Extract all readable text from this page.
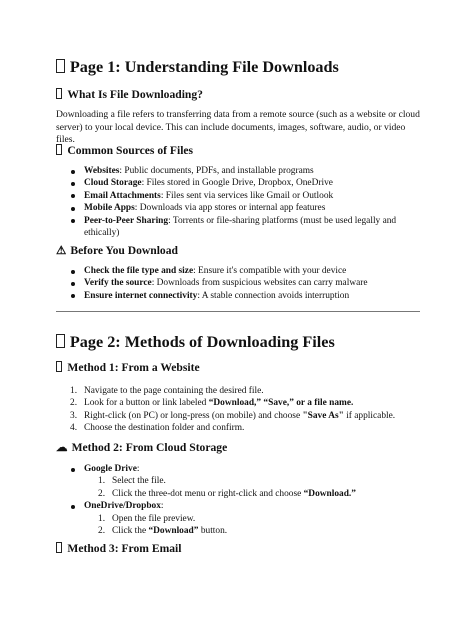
Page 1: Understanding File Downloads
What Is File Downloading?

Downloading a file refers to transferring data from a remote source (such as a website or cloud server) to your local device. This can include documents, images, software, audio, or video files.

Common Sources of Files
Websites: Public documents, PDFs, and installable programs
Cloud Storage: Files stored in Google Drive, Dropbox, OneDrive
Email Attachments: Files sent via services like Gmail or Outlook
Mobile Apps: Downloads via app stores or internal app features
Peer-to-Peer Sharing: Torrents or file-sharing platforms (must be used legally and ethically)
⚠ Before You Download
Check the file type and size: Ensure it's compatible with your device
Verify the source: Downloads from suspicious websites can carry malware
Ensure internet connectivity: A stable connection avoids interruption
Page 2: Methods of Downloading Files
Method 1: From a Website
1. Navigate to the page containing the desired file.
2. Look for a button or link labeled “Download,” “Save,” or a file name.
3. Right-click (on PC) or long-press (on mobile) and choose "Save As" if applicable.
4. Choose the destination folder and confirm.
☁ Method 2: From Cloud Storage
Google Drive:
1. Select the file.
2. Click the three-dot menu or right-click and choose “Download.”
OneDrive/Dropbox:
1. Open the file preview.
2. Click the “Download” button.
Method 3: From Email
